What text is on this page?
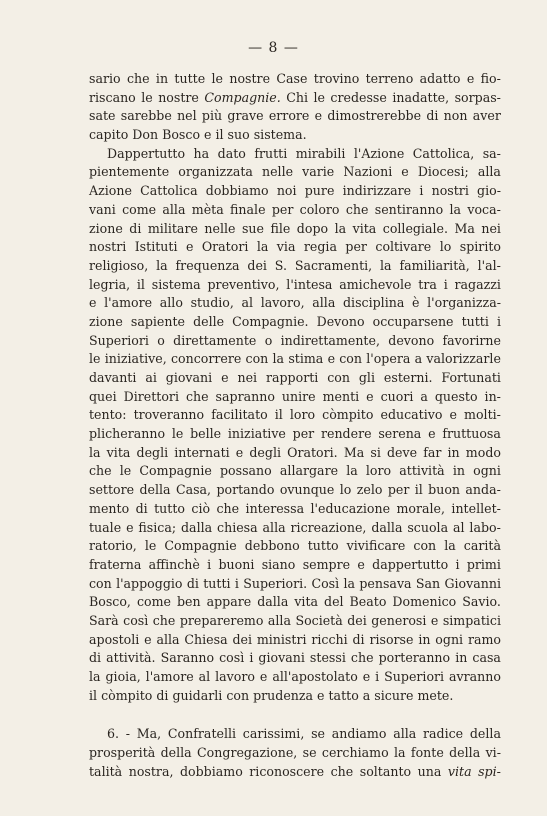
— 8 —
sario che in tutte le nostre Case trovino terreno adatto e fio-
riscano le nostre Compagnie. Chi le credesse inadatte, sorpas-
sate sarebbe nel più grave errore e dimostrerebbe di non aver
capito Don Bosco e il suo sistema.
Dappertutto ha dato frutti mirabili l'Azione Cattolica, sa-
pientemente organizzata nelle varie Nazioni e Diocesi; alla
Azione Cattolica dobbiamo noi pure indirizzare i nostri gio-
vani come alla mèta finale per coloro che sentiranno la voca-
zione di militare nelle sue file dopo la vita collegiale. Ma nei
nostri Istituti e Oratori la via regia per coltivare lo spirito
religioso, la frequenza dei S. Sacramenti, la familiarità, l'al-
legria, il sistema preventivo, l'intesa amichevole tra i ragazzi
e l'amore allo studio, al lavoro, alla disciplina è l'organizza-
zione sapiente delle Compagnie. Devono occuparsene tutti i
Superiori o direttamente o indirettamente, devono favorirne
le iniziative, concorrere con la stima e con l'opera a valorizzarle
davanti ai giovani e nei rapporti con gli esterni. Fortunati
quei Direttori che sapranno unire menti e cuori a questo in-
tento: troveranno facilitato il loro còmpito educativo e molti-
plicheranno le belle iniziative per rendere serena e fruttuosa
la vita degli internati e degli Oratori. Ma si deve far in modo
che le Compagnie possano allargare la loro attività in ogni
settore della Casa, portando ovunque lo zelo per il buon anda-
mento di tutto ciò che interessa l'educazione morale, intellet-
tuale e fisica; dalla chiesa alla ricreazione, dalla scuola al labo-
ratorio, le Compagnie debbono tutto vivificare con la carità
fraterna affinchè i buoni siano sempre e dappertutto i primi
con l'appoggio di tutti i Superiori. Così la pensava San Giovanni
Bosco, come ben appare dalla vita del Beato Domenico Savio.
Sarà così che prepareremo alla Società dei generosi e simpatici
apostoli e alla Chiesa dei ministri ricchi di risorse in ogni ramo
di attività. Saranno così i giovani stessi che porteranno in casa
la gioia, l'amore al lavoro e all'apostolato e i Superiori avranno
il còmpito di guidarli con prudenza e tatto a sicure mete.
6. - Ma, Confratelli carissimi, se andiamo alla radice della
prosperità della Congregazione, se cerchiamo la fonte della vi-
talità nostra, dobbiamo riconoscere che soltanto una vita spi-
